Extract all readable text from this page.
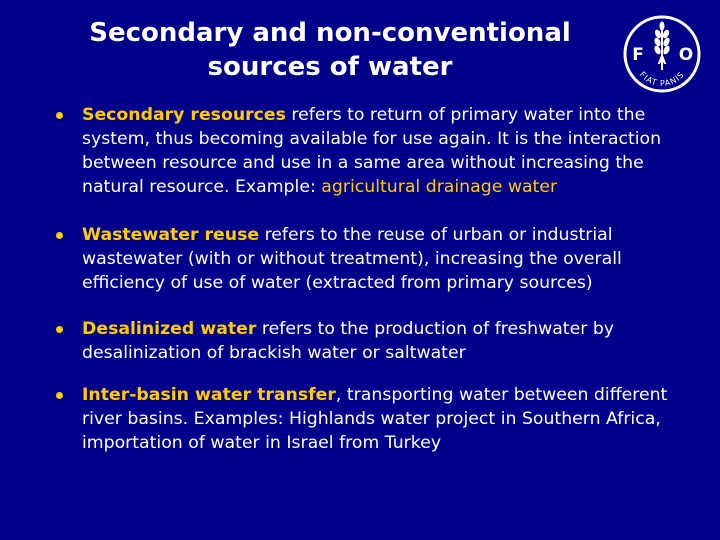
Secondary and non-conventional
sources of water	F O
A
FIAT PANIS
Secondary resources refers to return of primary water into the system, thus becoming available for use again. It is the interaction between resource and use in a same area without increasing the natural resource. Example: agricultural drainage water
Wastewater reuse refers to the reuse of urban or industrial wastewater (with or without treatment), increasing the overall efficiency of use of water (extracted from primary sources)
Desalinized water refers to the production of freshwater by desalinization of brackish water or saltwater
Inter-basin water transfer, transporting water between different river basins. Examples: Highlands water project in Southern Africa, importation of water in Israel from Turkey
